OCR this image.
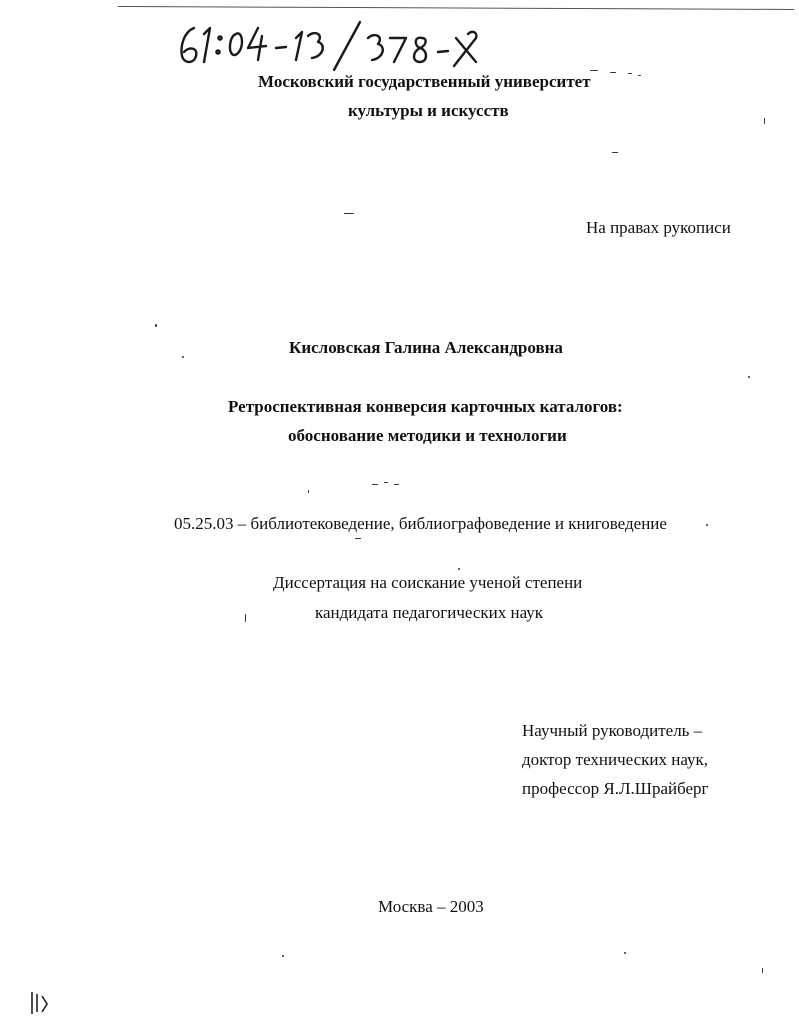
Московский государственный университет
культуры и искусств
На правах рукописи
Кисловская Галина Александровна
Ретроспективная конверсия карточных каталогов:
обоснование методики и технологии
05.25.03 – библиотековедение, библиографоведение и книговедение
Диссертация на соискание ученой степени
кандидата педагогических наук
Научный руководитель –
доктор технических наук,
профессор Я.Л.Шрайберг
Москва – 2003
